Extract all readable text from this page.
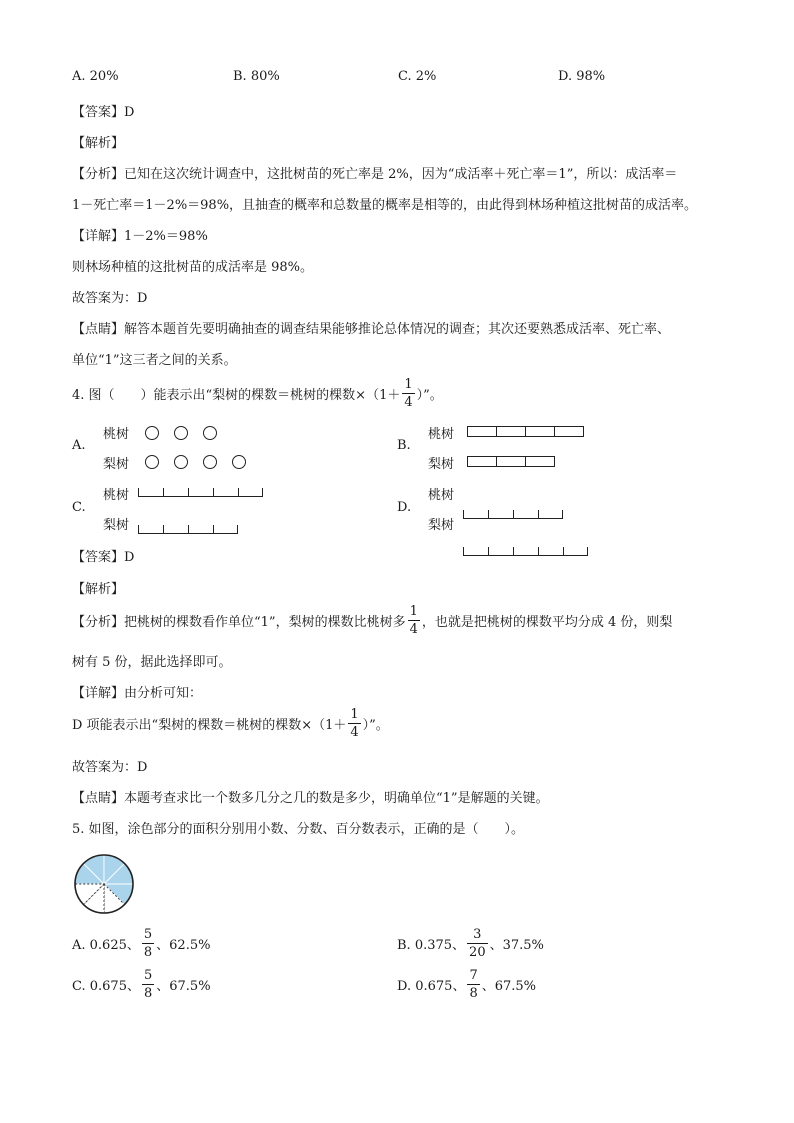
A. 20%	B. 80%	C. 2%	D. 98%
【答案】D
【解析】
【分析】已知在这次统计调查中，这批树苗的死亡率是 2%，因为“成活率＋死亡率＝1”，所以：成活率＝
1－死亡率＝1－2%＝98%，且抽查的概率和总数量的概率是相等的，由此得到林场种植这批树苗的成活率。
【详解】1－2%＝98%
则林场种植的这批树苗的成活率是 98%。
故答案为：D
【点睛】解答本题首先要明确抽查的调查结果能够推论总体情况的调查；其次还要熟悉成活率、死亡率、
单位“1”这三者之间的关系。
4. 图（　　）能表示出“梨树的棵数＝桃树的棵数$\times(1+ \frac{1}{4}$ ）”。
A.
桃树
梨树
B.
桃树
梨树
C.
桃树
梨树
D.
桃树
梨树
【答案】D
【解析】
【分析】 把桃树的棵数看作单位“1”，梨树的棵数比桃树多 $\frac{1}{4}$ ，也就是把桃树的棵数平均分成 4 份，则梨
树有 5 份，据此选择即可。
【详解】由分析可知：
D 项能表示出“梨树的棵数＝桃树的棵数$\times(1+ \frac{1}{4}$ ）”。
故答案为：D
【点睛】本题考查求比一个数多几分之几的数是多少，明确单位“1”是解题的关键。
5. 如图，涂色部分的面积分别用小数、分数、百分数表示，正确的是（　　）。
A. 0.625、 $\frac{5}{8}$ 、62.5%	B. 0.375、 $\frac{3}{20}$ 、37.5%
C. 0.675、 $\frac{5}{8}$ 、67.5%	D. 0.675、 $\frac{7}{8}$ 、67.5%
